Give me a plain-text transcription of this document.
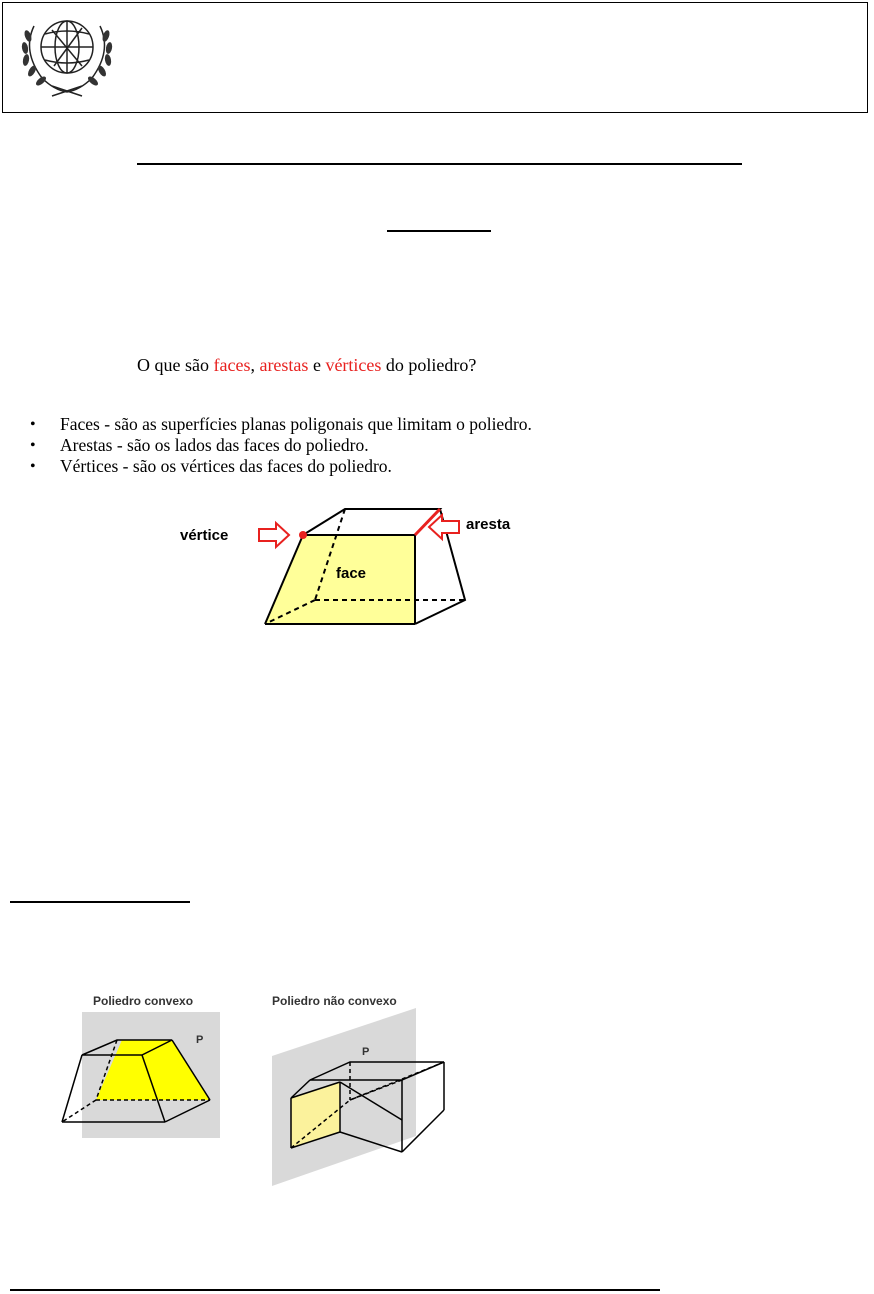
O que são faces, arestas e vértices do poliedro?
• Faces - são as superfícies planas poligonais que limitam o poliedro.
• Arestas - são os lados das faces do poliedro.
• Vértices - são os vértices das faces do poliedro.
vértice
aresta
face
Poliedro convexo	Poliedro não convexo
P
P
